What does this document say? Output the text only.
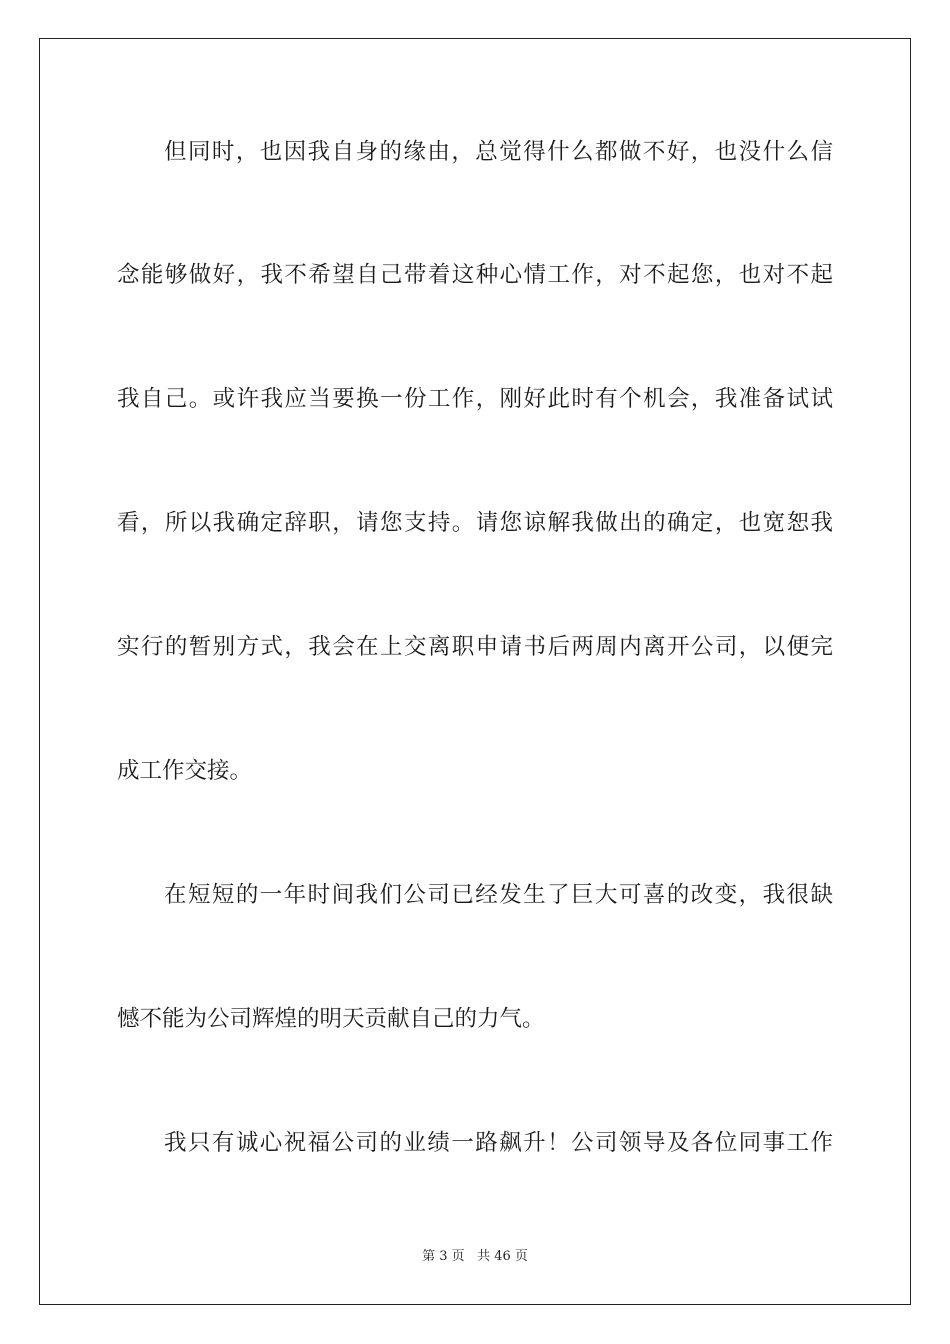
但同时，也因我自身的缘由，总觉得什么都做不好，也没什么信
念能够做好，我不希望自己带着这种心情工作，对不起您，也对不起
我自己。或许我应当要换一份工作，刚好此时有个机会，我准备试试
看，所以我确定辞职，请您支持。请您谅解我做出的确定，也宽恕我
实行的暂别方式，我会在上交离职申请书后两周内离开公司，以便完
成工作交接。
在短短的一年时间我们公司已经发生了巨大可喜的改变，我很缺
憾不能为公司辉煌的明天贡献自己的力气。
我只有诚心祝福公司的业绩一路飙升！公司领导及各位同事工作
第 3 页 共 46 页
